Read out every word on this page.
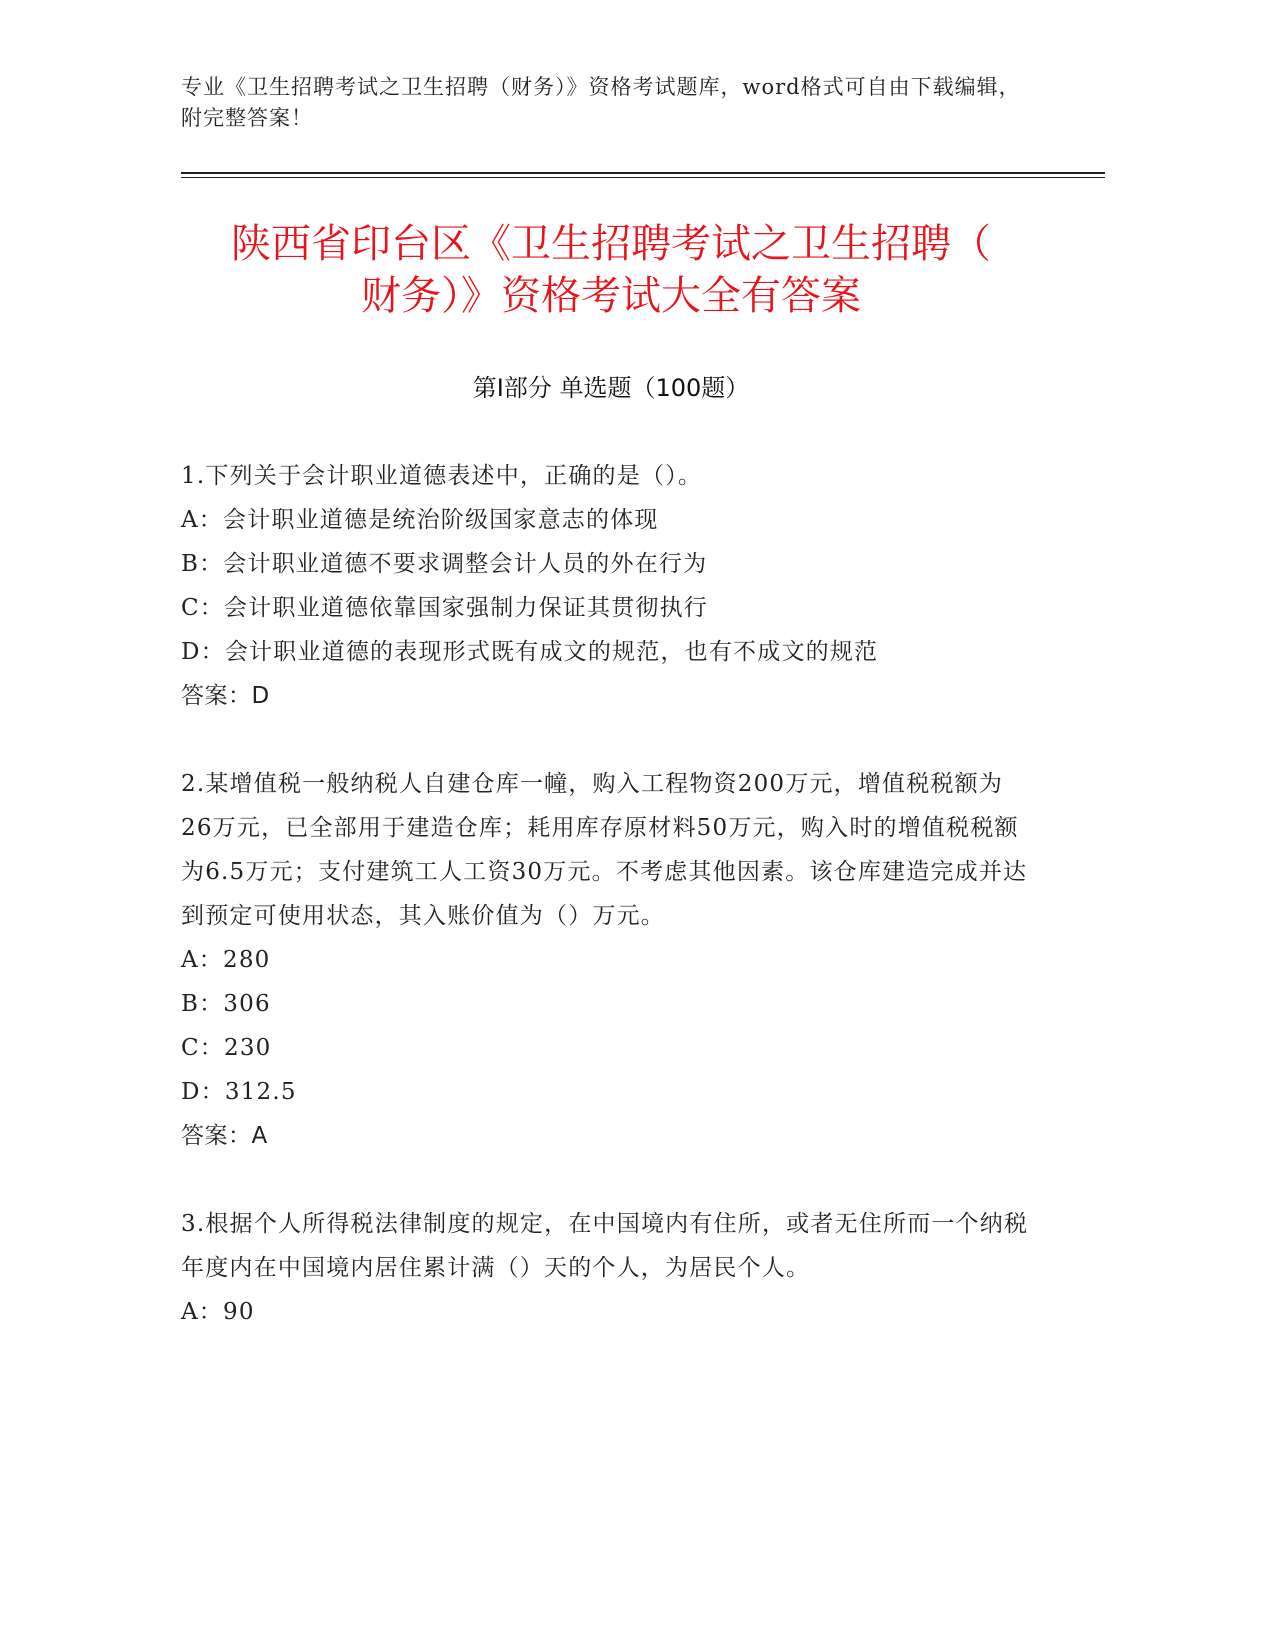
专业《卫生招聘考试之卫生招聘（财务）》资格考试题库，word格式可自由下载编辑，附完整答案！
陕西省印台区《卫生招聘考试之卫生招聘（
财务）》资格考试大全有答案
第I部分 单选题（100题）

1.下列关于会计职业道德表述中，正确的是（）。

A：会计职业道德是统治阶级国家意志的体现

B：会计职业道德不要求调整会计人员的外在行为

C：会计职业道德依靠国家强制力保证其贯彻执行

D：会计职业道德的表现形式既有成文的规范，也有不成文的规范

答案：D

2.某增值税一般纳税人自建仓库一幢，购入工程物资200万元，增值税税额为26万元，已全部用于建造仓库；耗用库存原材料50万元，购入时的增值税税额为6.5万元；支付建筑工人工资30万元。不考虑其他因素。该仓库建造完成并达到预定可使用状态，其入账价值为（）万元。

A：280

B：306

C：230

D：312.5

答案：A

3.根据个人所得税法律制度的规定，在中国境内有住所，或者无住所而一个纳税年度内在中国境内居住累计满（）天的个人，为居民个人。

A：90
